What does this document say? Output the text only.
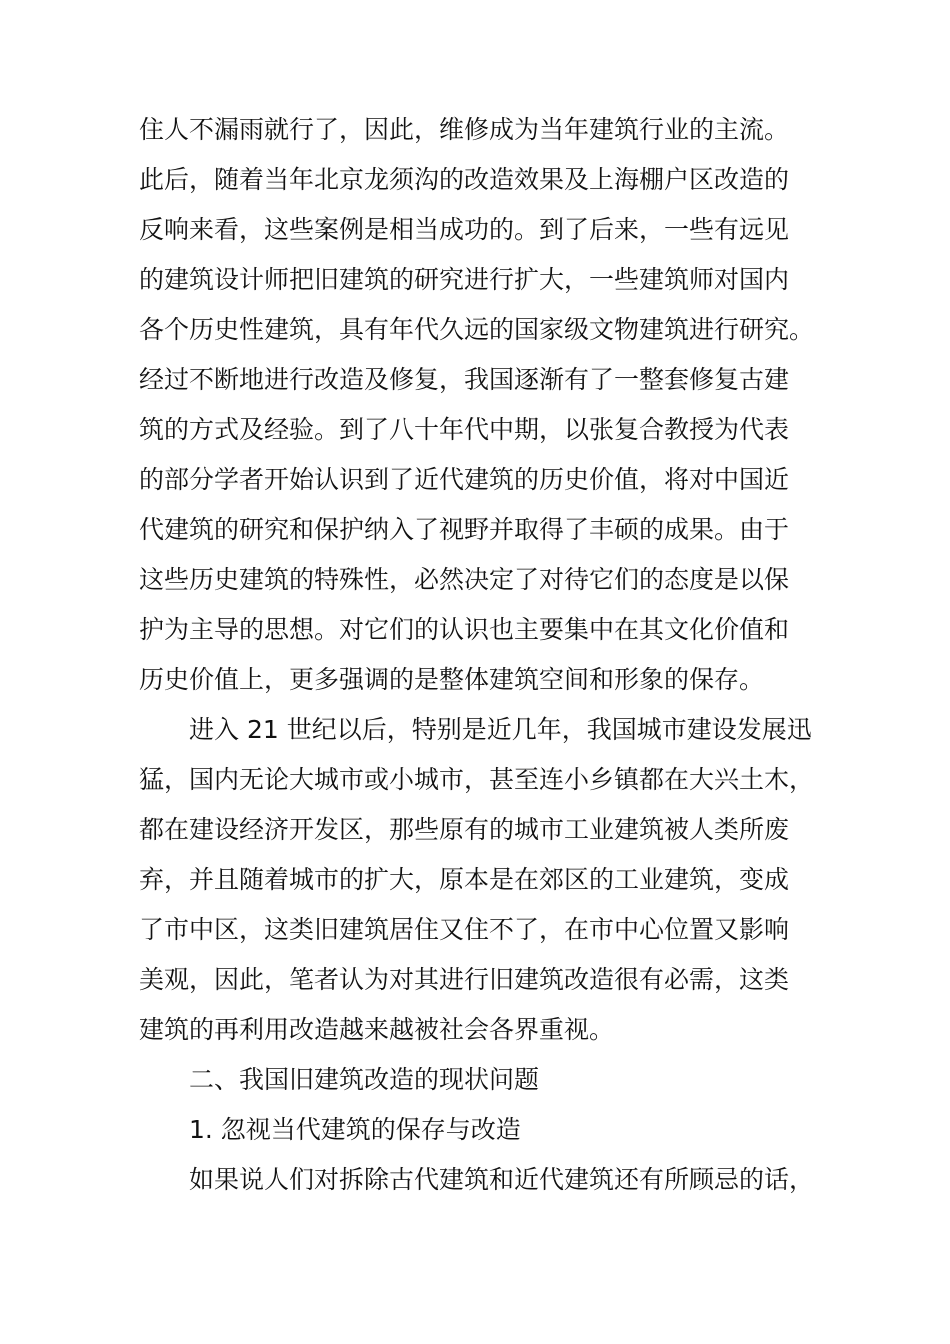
住人不漏雨就行了，因此，维修成为当年建筑行业的主流。
此后，随着当年北京龙须沟的改造效果及上海棚户区改造的
反响来看，这些案例是相当成功的。到了后来，一些有远见
的建筑设计师把旧建筑的研究进行扩大，一些建筑师对国内
各个历史性建筑，具有年代久远的国家级文物建筑进行研究。
经过不断地进行改造及修复，我国逐渐有了一整套修复古建
筑的方式及经验。到了八十年代中期，以张复合教授为代表
的部分学者开始认识到了近代建筑的历史价值，将对中国近
代建筑的研究和保护纳入了视野并取得了丰硕的成果。由于
这些历史建筑的特殊性，必然决定了对待它们的态度是以保
护为主导的思想。对它们的认识也主要集中在其文化价值和
历史价值上，更多强调的是整体建筑空间和形象的保存。
进入 21 世纪以后，特别是近几年，我国城市建设发展迅
猛，国内无论大城市或小城市，甚至连小乡镇都在大兴土木，
都在建设经济开发区，那些原有的城市工业建筑被人类所废
弃，并且随着城市的扩大，原本是在郊区的工业建筑，变成
了市中区，这类旧建筑居住又住不了，在市中心位置又影响
美观，因此，笔者认为对其进行旧建筑改造很有必需，这类
建筑的再利用改造越来越被社会各界重视。
二、我国旧建筑改造的现状问题
1. 忽视当代建筑的保存与改造
如果说人们对拆除古代建筑和近代建筑还有所顾忌的话，
